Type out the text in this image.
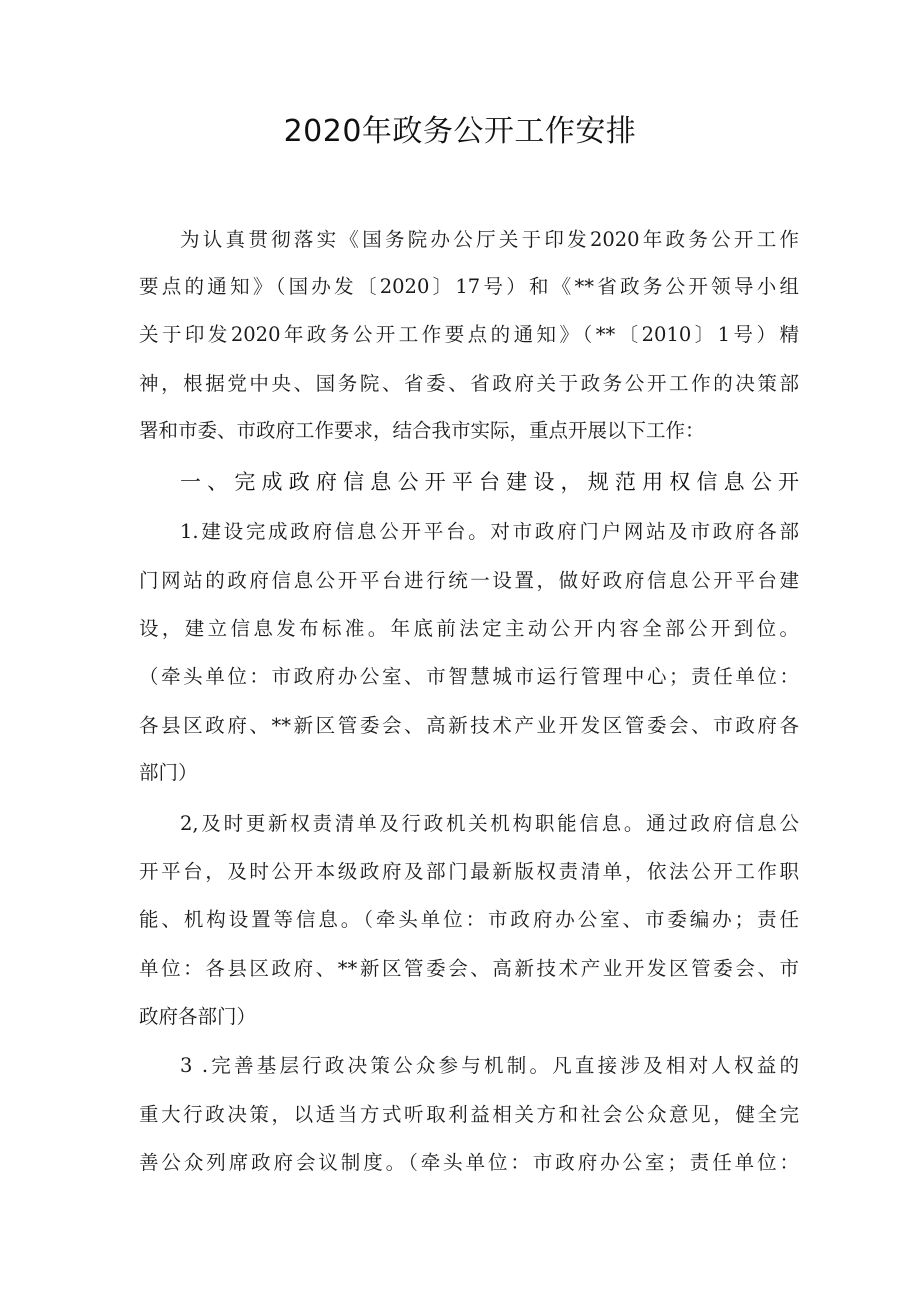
2020年政务公开工作安排
为认真贯彻落实《国务院办公厅关于印发2020年政务公开工作
要点的通知》（国办发〔2020〕17号）和《**省政务公开领导小组
关于印发2020年政务公开工作要点的通知》（**〔2010〕1号）精
神，根据党中央、国务院、省委、省政府关于政务公开工作的决策部
署和市委、市政府工作要求，结合我市实际，重点开展以下工作：
一、完成政府信息公开平台建设，规范用权信息公开
1.建设完成政府信息公开平台。对市政府门户网站及市政府各部
门网站的政府信息公开平台进行统一设置，做好政府信息公开平台建
设，建立信息发布标准。年底前法定主动公开内容全部公开到位。
（牵头单位：市政府办公室、市智慧城市运行管理中心；责任单位：
各县区政府、**新区管委会、高新技术产业开发区管委会、市政府各
部门）
2,及时更新权责清单及行政机关机构职能信息。通过政府信息公
开平台，及时公开本级政府及部门最新版权责清单，依法公开工作职
能、机构设置等信息。（牵头单位：市政府办公室、市委编办；责任
单位：各县区政府、**新区管委会、高新技术产业开发区管委会、市
政府各部门）
3 .完善基层行政决策公众参与机制。凡直接涉及相对人权益的
重大行政决策，以适当方式听取利益相关方和社会公众意见，健全完
善公众列席政府会议制度。（牵头单位：市政府办公室；责任单位：
